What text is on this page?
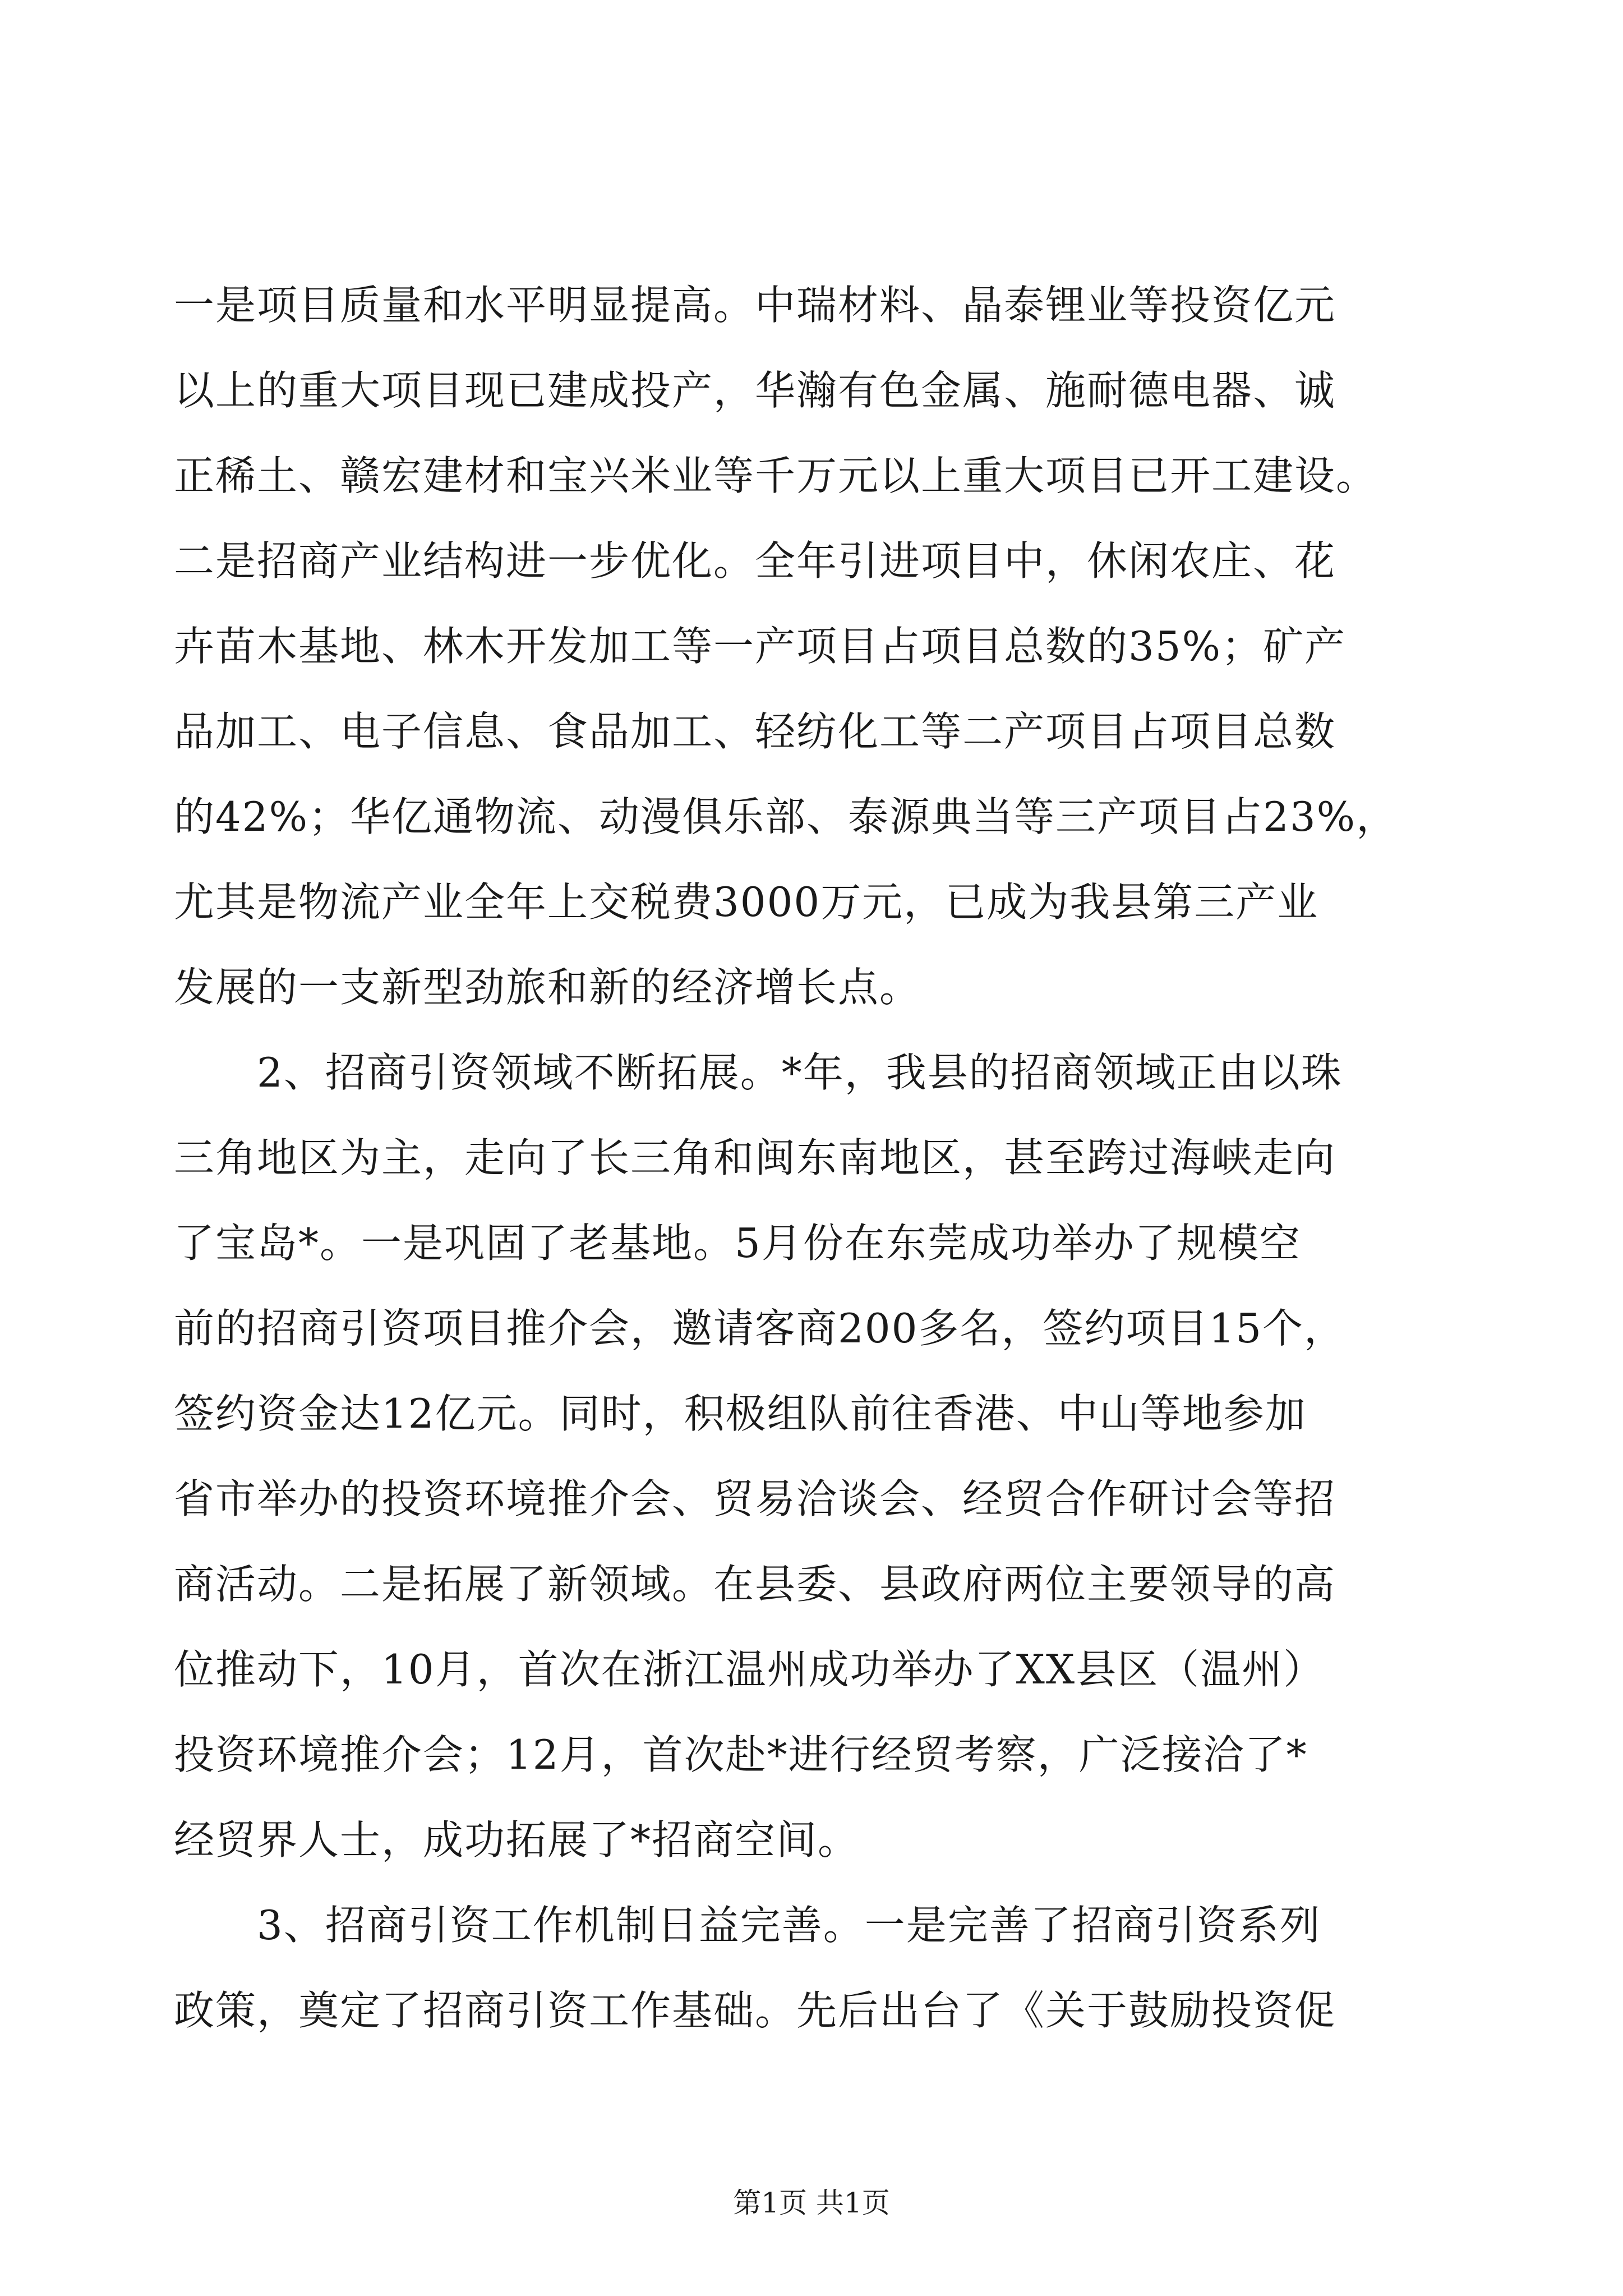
一是项目质量和水平明显提高。中瑞材料、晶泰锂业等投资亿元
以上的重大项目现已建成投产，华瀚有色金属、施耐德电器、诚
正稀土、赣宏建材和宝兴米业等千万元以上重大项目已开工建设。
二是招商产业结构进一步优化。全年引进项目中，休闲农庄、花
卉苗木基地、林木开发加工等一产项目占项目总数的35%；矿产
品加工、电子信息、食品加工、轻纺化工等二产项目占项目总数
的42%；华亿通物流、动漫俱乐部、泰源典当等三产项目占23%，
尤其是物流产业全年上交税费3000万元，已成为我县第三产业
发展的一支新型劲旅和新的经济增长点。
　　2、招商引资领域不断拓展。*年，我县的招商领域正由以珠
三角地区为主，走向了长三角和闽东南地区，甚至跨过海峡走向
了宝岛*。一是巩固了老基地。5月份在东莞成功举办了规模空
前的招商引资项目推介会，邀请客商200多名，签约项目15个，
签约资金达12亿元。同时，积极组队前往香港、中山等地参加
省市举办的投资环境推介会、贸易洽谈会、经贸合作研讨会等招
商活动。二是拓展了新领域。在县委、县政府两位主要领导的高
位推动下，10月，首次在浙江温州成功举办了XX县区（温州）
投资环境推介会；12月，首次赴*进行经贸考察，广泛接洽了*
经贸界人士，成功拓展了*招商空间。
　　3、招商引资工作机制日益完善。一是完善了招商引资系列
政策，奠定了招商引资工作基础。先后出台了《关于鼓励投资促
第1页 共1页
